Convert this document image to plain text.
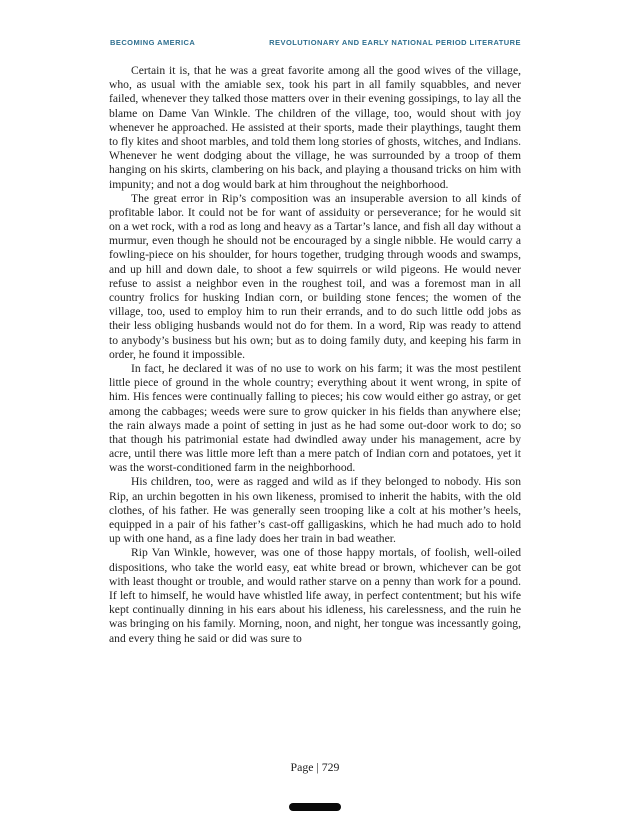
BECOMING AMERICA	REVOLUTIONARY AND EARLY NATIONAL PERIOD LITERATURE

Certain it is, that he was a great favorite among all the good wives of the village, who, as usual with the amiable sex, took his part in all family squabbles, and never failed, whenever they talked those matters over in their evening gossipings, to lay all the blame on Dame Van Winkle. The children of the village, too, would shout with joy whenever he approached. He assisted at their sports, made their playthings, taught them to fly kites and shoot marbles, and told them long stories of ghosts, witches, and Indians. Whenever he went dodging about the village, he was surrounded by a troop of them hanging on his skirts, clambering on his back, and playing a thousand tricks on him with impunity; and not a dog would bark at him throughout the neighborhood.

The great error in Rip’s composition was an insuperable aversion to all kinds of profitable labor. It could not be for want of assiduity or perseverance; for he would sit on a wet rock, with a rod as long and heavy as a Tartar’s lance, and fish all day without a murmur, even though he should not be encouraged by a single nibble. He would carry a fowling-piece on his shoulder, for hours together, trudging through woods and swamps, and up hill and down dale, to shoot a few squirrels or wild pigeons. He would never refuse to assist a neighbor even in the roughest toil, and was a foremost man in all country frolics for husking Indian corn, or building stone fences; the women of the village, too, used to employ him to run their errands, and to do such little odd jobs as their less obliging husbands would not do for them. In a word, Rip was ready to attend to anybody’s business but his own; but as to doing family duty, and keeping his farm in order, he found it impossible.

In fact, he declared it was of no use to work on his farm; it was the most pestilent little piece of ground in the whole country; everything about it went wrong, in spite of him. His fences were continually falling to pieces; his cow would either go astray, or get among the cabbages; weeds were sure to grow quicker in his fields than anywhere else; the rain always made a point of setting in just as he had some out-door work to do; so that though his patrimonial estate had dwindled away under his management, acre by acre, until there was little more left than a mere patch of Indian corn and potatoes, yet it was the worst-conditioned farm in the neighborhood.

His children, too, were as ragged and wild as if they belonged to nobody. His son Rip, an urchin begotten in his own likeness, promised to inherit the habits, with the old clothes, of his father. He was generally seen trooping like a colt at his mother’s heels, equipped in a pair of his father’s cast-off galligaskins, which he had much ado to hold up with one hand, as a fine lady does her train in bad weather.

Rip Van Winkle, however, was one of those happy mortals, of foolish, well-oiled dispositions, who take the world easy, eat white bread or brown, whichever can be got with least thought or trouble, and would rather starve on a penny than work for a pound. If left to himself, he would have whistled life away, in perfect contentment; but his wife kept continually dinning in his ears about his idleness, his carelessness, and the ruin he was bringing on his family. Morning, noon, and night, her tongue was incessantly going, and every thing he said or did was sure to

Page | 729
